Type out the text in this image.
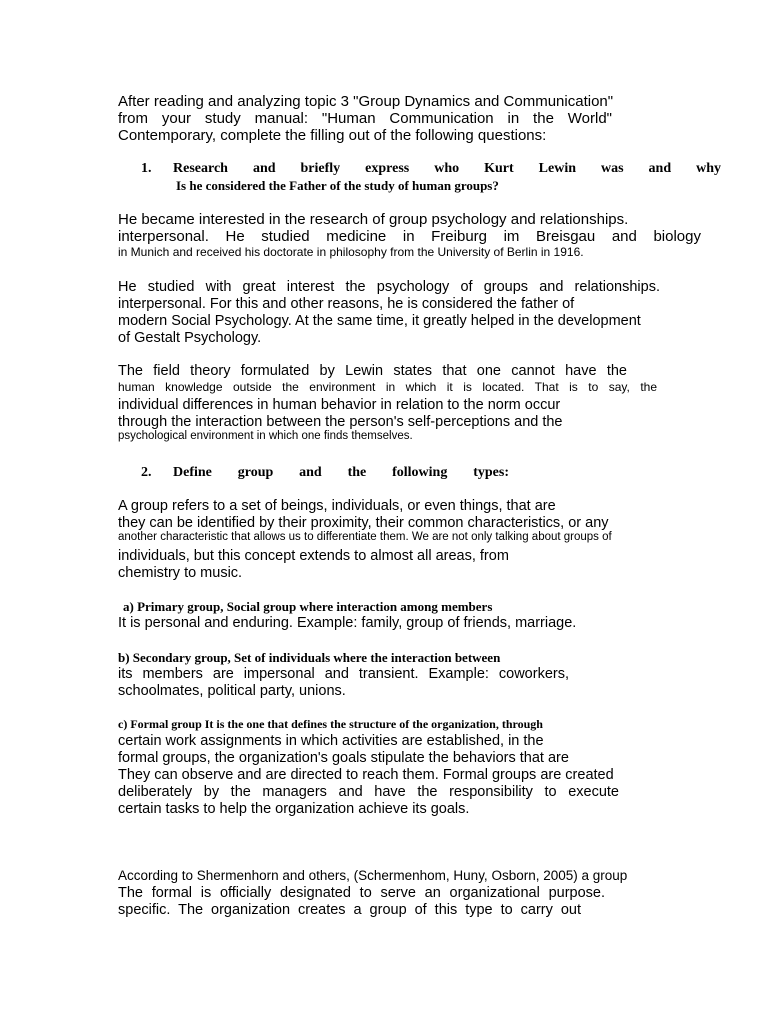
After reading and analyzing topic 3 "Group Dynamics and Communication"

from your study manual: "Human Communication in the World"

Contemporary, complete the filling out of the following questions:

1. Research and briefly express who Kurt Lewin was and why

Is he considered the Father of the study of human groups?

He became interested in the research of group psychology and relationships.

interpersonal. He studied medicine in Freiburg im Breisgau and biology

in Munich and received his doctorate in philosophy from the University of Berlin in 1916.

He studied with great interest the psychology of groups and relationships.

interpersonal. For this and other reasons, he is considered the father of

modern Social Psychology. At the same time, it greatly helped in the development

of Gestalt Psychology.

The field theory formulated by Lewin states that one cannot have the

human knowledge outside the environment in which it is located. That is to say, the

individual differences in human behavior in relation to the norm occur

through the interaction between the person's self-perceptions and the

psychological environment in which one finds themselves.

2. Define group and the following types:

A group refers to a set of beings, individuals, or even things, that are

they can be identified by their proximity, their common characteristics, or any

another characteristic that allows us to differentiate them. We are not only talking about groups of

individuals, but this concept extends to almost all areas, from

chemistry to music.

a) Primary group, Social group where interaction among members

It is personal and enduring. Example: family, group of friends, marriage.

b) Secondary group, Set of individuals where the interaction between

its members are impersonal and transient. Example: coworkers,

schoolmates, political party, unions.

c) Formal group It is the one that defines the structure of the organization, through

certain work assignments in which activities are established, in the

formal groups, the organization's goals stipulate the behaviors that are

They can observe and are directed to reach them. Formal groups are created

deliberately by the managers and have the responsibility to execute

certain tasks to help the organization achieve its goals.

According to Shermenhorn and others, (Schermenhom, Huny, Osborn, 2005) a group

The formal is officially designated to serve an organizational purpose.

specific. The organization creates a group of this type to carry out
